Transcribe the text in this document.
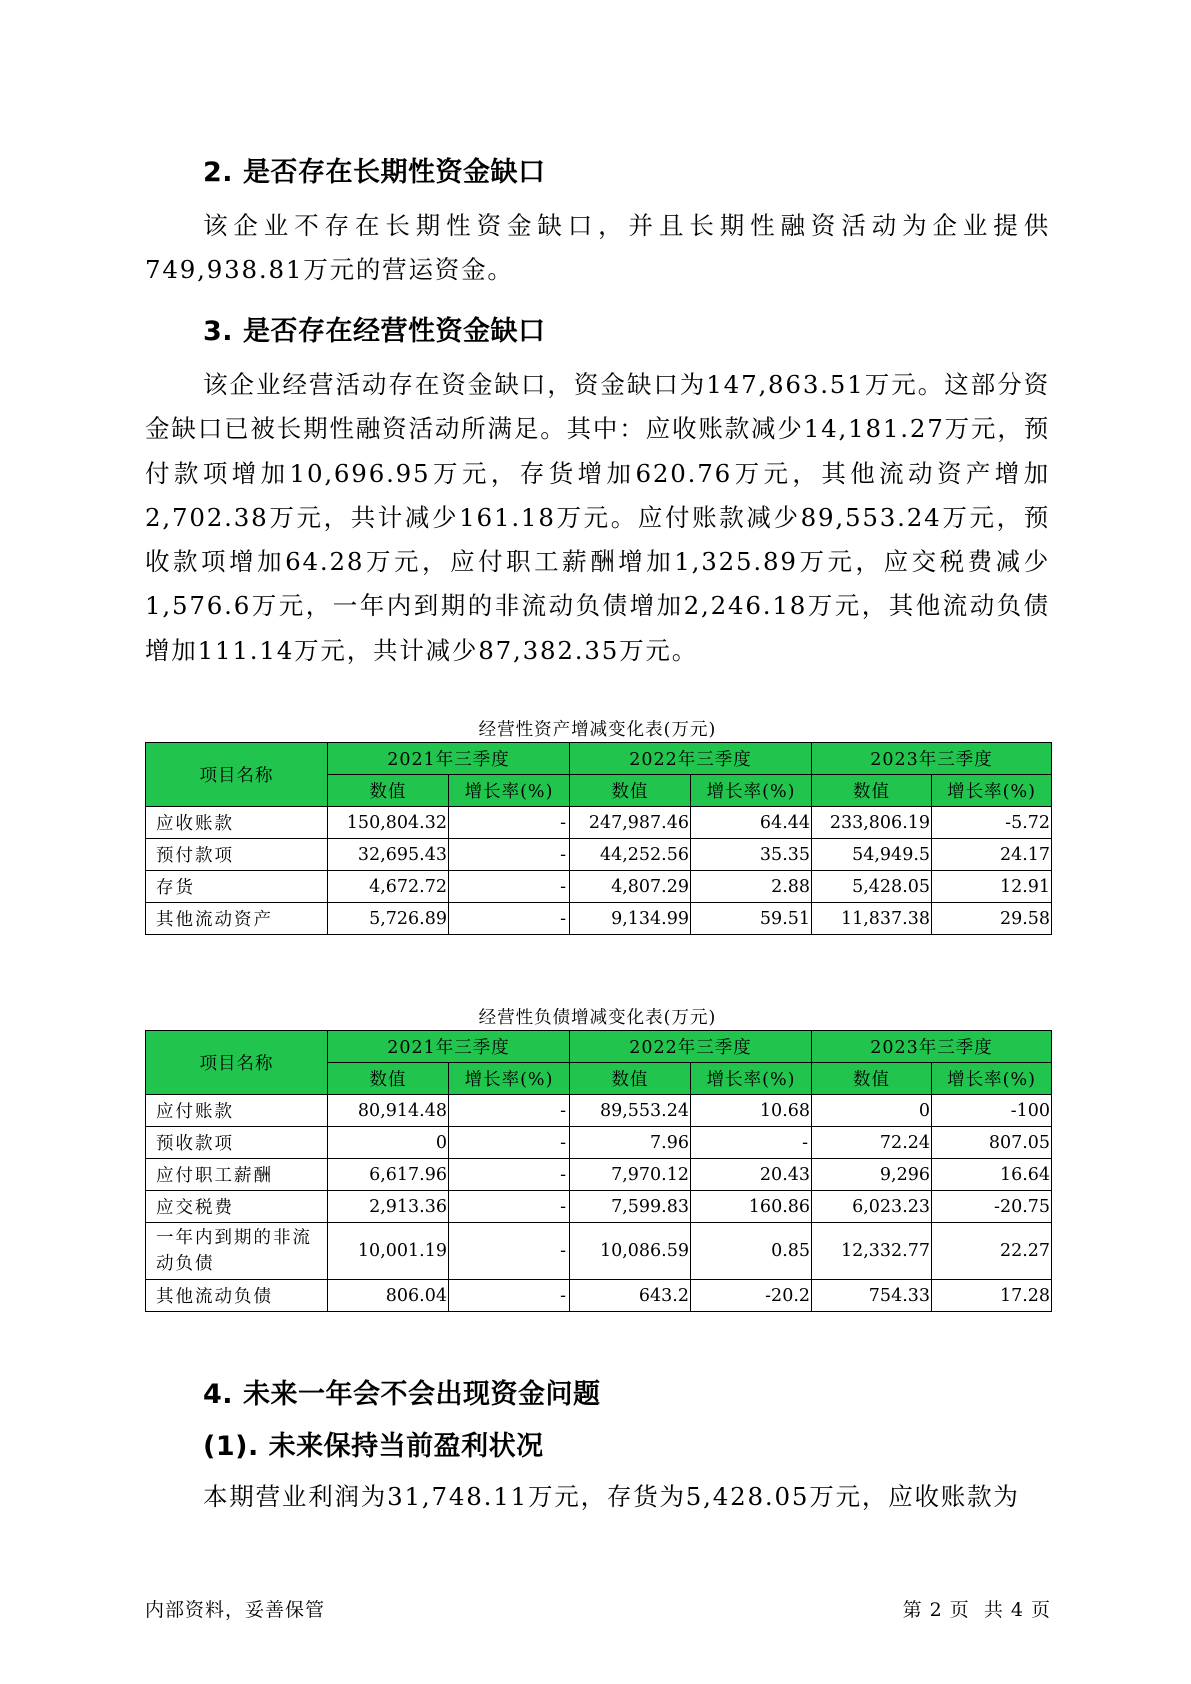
2. 是否存在长期性资金缺口
该企业不存在长期性资金缺口，并且长期性融资活动为企业提供749,938.81万元的营运资金。
3. 是否存在经营性资金缺口
该企业经营活动存在资金缺口，资金缺口为147,863.51万元。这部分资金缺口已被长期性融资活动所满足。其中：应收账款减少14,181.27万元，预付款项增加10,696.95万元，存货增加620.76万元，其他流动资产增加2,702.38万元，共计减少161.18万元。应付账款减少89,553.24万元，预收款项增加64.28万元，应付职工薪酬增加1,325.89万元，应交税费减少1,576.6万元，一年内到期的非流动负债增加2,246.18万元，其他流动负债增加111.14万元，共计减少87,382.35万元。
经营性资产增减变化表(万元)
项目名称	2021年三季度		2022年三季度		2023年三季度	
	数值	增长率(%)	数值	增长率(%)	数值	增长率(%)
应收账款	150,804.32	-	247,987.46	64.44	233,806.19	-5.72
预付款项	32,695.43	-	44,252.56	35.35	54,949.5	24.17
存货	4,672.72	-	4,807.29	2.88	5,428.05	12.91
其他流动资产	5,726.89	-	9,134.99	59.51	11,837.38	29.58
经营性负债增减变化表(万元)
项目名称	2021年三季度		2022年三季度		2023年三季度	
	数值	增长率(%)	数值	增长率(%)	数值	增长率(%)
应付账款	80,914.48	-	89,553.24	10.68	0	-100
预收款项	0	-	7.96	-	72.24	807.05
应付职工薪酬	6,617.96	-	7,970.12	20.43	9,296	16.64
应交税费	2,913.36	-	7,599.83	160.86	6,023.23	-20.75
一年内到期的非流动负债	10,001.19	-	10,086.59	0.85	12,332.77	22.27
其他流动负债	806.04	-	643.2	-20.2	754.33	17.28
4. 未来一年会不会出现资金问题
(1). 未来保持当前盈利状况
本期营业利润为31,748.11万元，存货为5,428.05万元，应收账款为
内部资料，妥善保管	第 2 页  共 4 页
